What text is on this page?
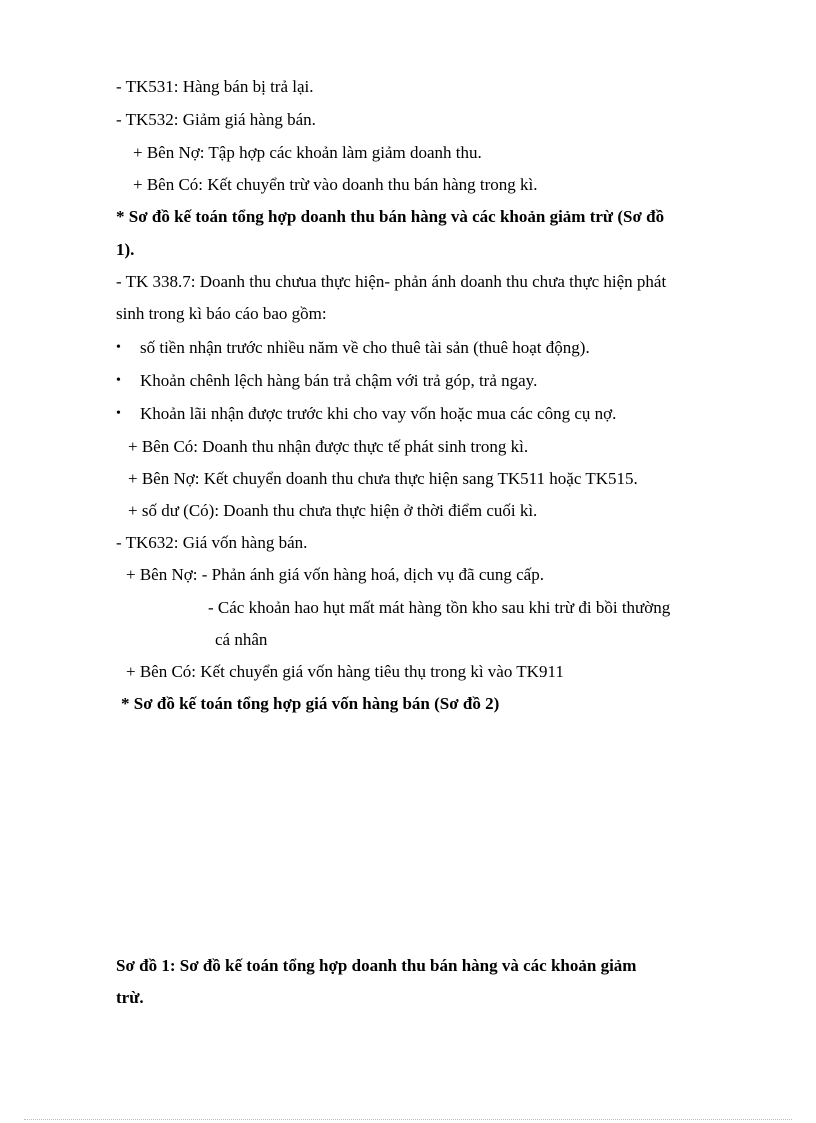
- TK531: Hàng bán bị trả lại.
- TK532: Giảm giá hàng bán.
+ Bên Nợ: Tập hợp các khoản làm giảm doanh thu.
+ Bên Có: Kết chuyển trừ vào doanh thu bán hàng trong kì.
* Sơ đồ kế toán tổng hợp doanh thu bán hàng và các khoản giảm trừ (Sơ đồ
1).
- TK 338.7: Doanh thu chưua thực hiện- phản ánh doanh thu chưa thực hiện phát
sinh trong kì báo cáo bao gồm:
• số tiền nhận trước nhiều năm về cho thuê tài sản (thuê hoạt động).
• Khoản chênh lệch hàng bán trả chậm với trả góp, trả ngay.
• Khoản lãi nhận được trước khi cho vay vốn hoặc mua các công cụ nợ.
+ Bên Có: Doanh thu nhận được thực tế phát sinh trong kì.
+ Bên Nợ: Kết chuyển doanh thu chưa thực hiện sang TK511 hoặc TK515.
+ số dư (Có): Doanh thu chưa thực hiện ở thời điểm cuối kì.
- TK632: Giá vốn hàng bán.
+ Bên Nợ: - Phản ánh giá vốn hàng hoá, dịch vụ đã cung cấp.
- Các khoản hao hụt mất mát hàng tồn kho sau khi trừ đi bồi thường
cá nhân
+ Bên Có: Kết chuyển giá vốn hàng tiêu thụ trong kì vào TK911
* Sơ đồ kế toán tổng hợp giá vốn hàng bán (Sơ đồ 2)
Sơ đồ 1: Sơ đồ kế toán tổng hợp doanh thu bán hàng và các khoản giảm
trừ.
